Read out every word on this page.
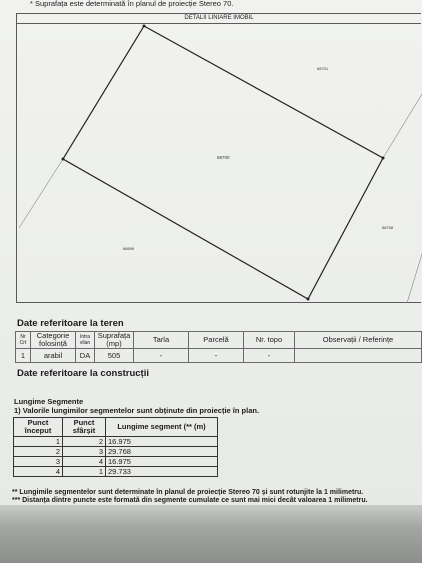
* Suprafața este determinată în planul de proiecție Stereo 70.
DETALII LINIARE IMOBIL
68700
68701
68758
68699
Date referitoare la teren
Nr Crt	Categorie folosință	Intra vilan	Suprafața (mp)	Tarla	Parcelă	Nr. topo	Observații / Referințe
1	arabil	DA	505	-	-	-	
Date referitoare la construcții
Lungime Segmente
1) Valorile lungimilor segmentelor sunt obținute din proiecție în plan.
Punct început	Punct sfârșit	Lungime segment (** (m)
1	2	16.975
2	3	29.768
3	4	16.975
4	1	29.733
** Lungimile segmentelor sunt determinate în planul de proiecție Stereo 70 și sunt rotunjite la 1 milimetru.
*** Distanța dintre puncte este formată din segmente cumulate ce sunt mai mici decât valoarea 1 milimetru.
